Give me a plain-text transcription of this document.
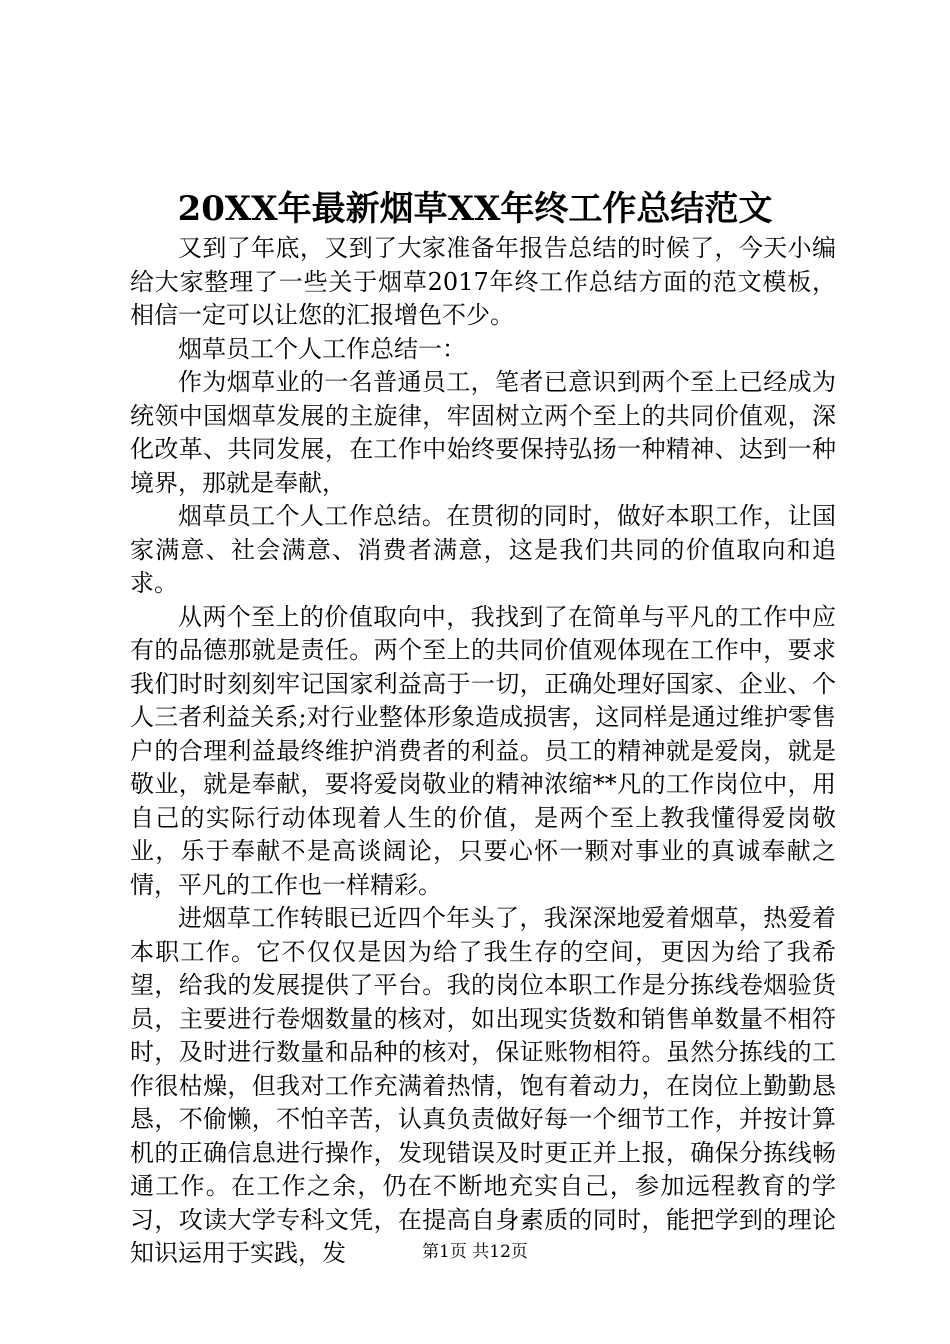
20XX年最新烟草XX年终工作总结范文

又到了年底，又到了大家准备年报告总结的时候了，今天小编给大家整理了一些关于烟草2017年终工作总结方面的范文模板，相信一定可以让您的汇报增色不少。

烟草员工个人工作总结一：

作为烟草业的一名普通员工，笔者已意识到两个至上已经成为统领中国烟草发展的主旋律，牢固树立两个至上的共同价值观，深化改革、共同发展，在工作中始终要保持弘扬一种精神、达到一种境界，那就是奉献，

烟草员工个人工作总结。在贯彻的同时，做好本职工作，让国家满意、社会满意、消费者满意，这是我们共同的价值取向和追求。

从两个至上的价值取向中，我找到了在简单与平凡的工作中应有的品德那就是责任。两个至上的共同价值观体现在工作中，要求我们时时刻刻牢记国家利益高于一切，正确处理好国家、企业、个人三者利益关系;对行业整体形象造成损害，这同样是通过维护零售户的合理利益最终维护消费者的利益。员工的精神就是爱岗，就是敬业，就是奉献，要将爱岗敬业的精神浓缩**凡的工作岗位中，用自己的实际行动体现着人生的价值，是两个至上教我懂得爱岗敬业，乐于奉献不是高谈阔论，只要心怀一颗对事业的真诚奉献之情，平凡的工作也一样精彩。

进烟草工作转眼已近四个年头了，我深深地爱着烟草，热爱着本职工作。它不仅仅是因为给了我生存的空间，更因为给了我希望，给我的发展提供了平台。我的岗位本职工作是分拣线卷烟验货员，主要进行卷烟数量的核对，如出现实货数和销售单数量不相符时，及时进行数量和品种的核对，保证账物相符。虽然分拣线的工作很枯燥，但我对工作充满着热情，饱有着动力，在岗位上勤勤恳恳，不偷懒，不怕辛苦，认真负责做好每一个细节工作，并按计算机的正确信息进行操作，发现错误及时更正并上报，确保分拣线畅通工作。在工作之余，仍在不断地充实自己，参加远程教育的学习，攻读大学专科文凭，在提高自身素质的同时，能把学到的理论知识运用于实践，发	第1页 共12页
